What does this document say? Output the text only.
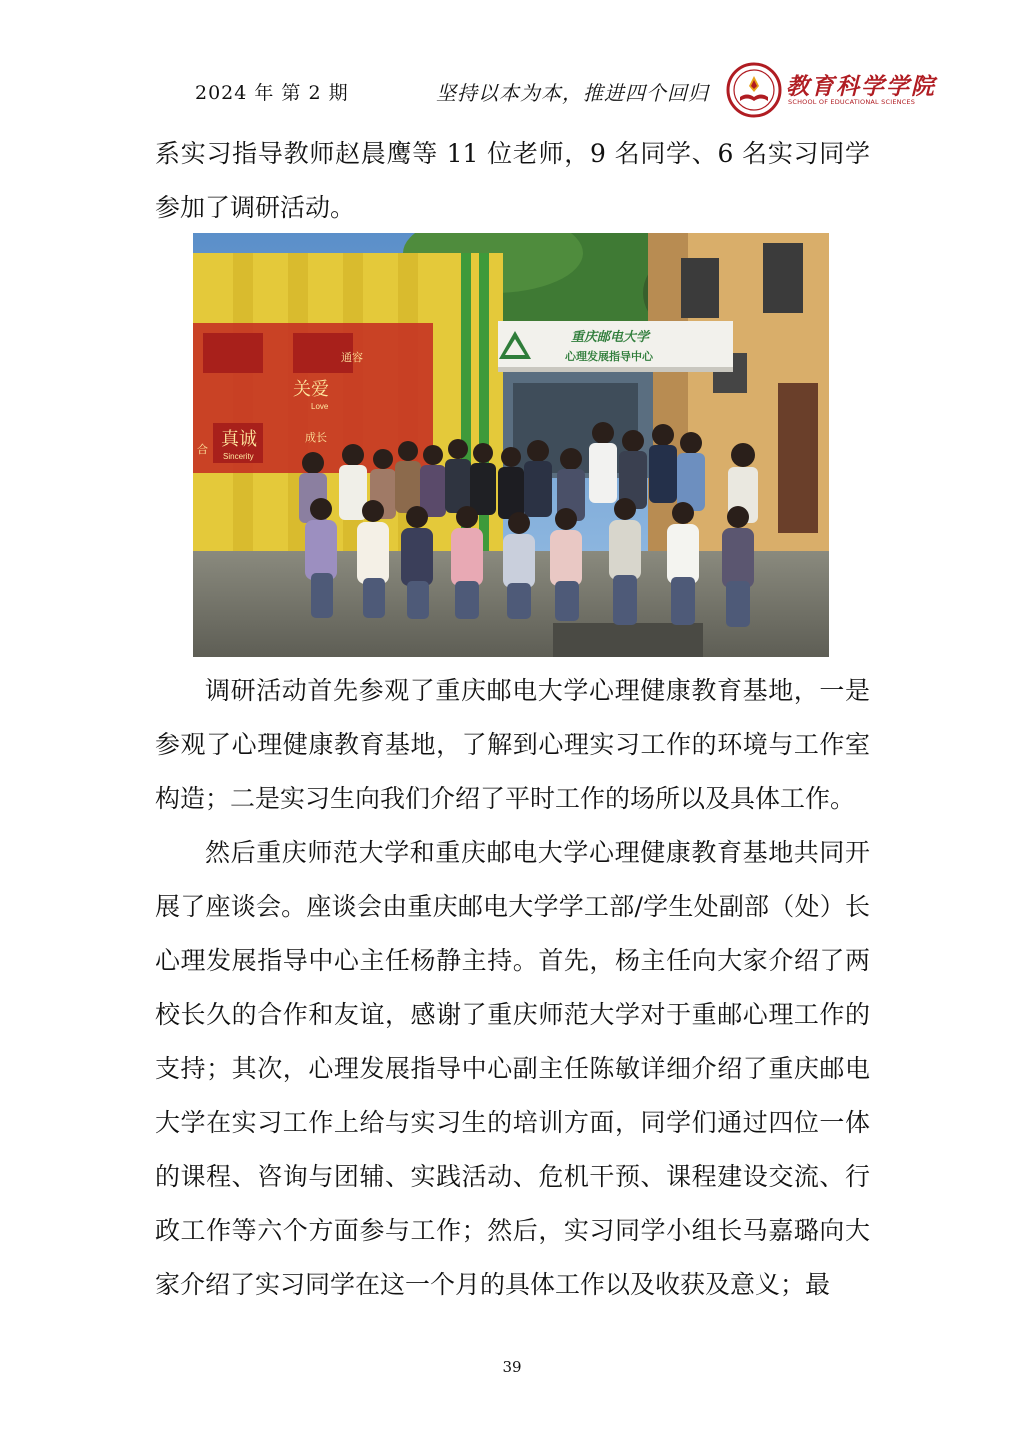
2024 年 第 2 期	坚持以本为本，推进四个回归	教育科学学院
SCHOOL OF EDUCATIONAL SCIENCES

系实习指导教师赵晨鹰等 11 位老师，9 名同学、6 名实习同学参加了调研活动。

关爱
Love
真诚
Sincerity
通容
成长
合
重庆邮电大学
心理发展指导中心

调研活动首先参观了重庆邮电大学心理健康教育基地，一是参观了心理健康教育基地，了解到心理实习工作的环境与工作室构造；二是实习生向我们介绍了平时工作的场所以及具体工作。

然后重庆师范大学和重庆邮电大学心理健康教育基地共同开展了座谈会。座谈会由重庆邮电大学学工部/学生处副部（处）长心理发展指导中心主任杨静主持。首先，杨主任向大家介绍了两校长久的合作和友谊，感谢了重庆师范大学对于重邮心理工作的支持；其次，心理发展指导中心副主任陈敏详细介绍了重庆邮电大学在实习工作上给与实习生的培训方面，同学们通过四位一体的课程、咨询与团辅、实践活动、危机干预、课程建设交流、行政工作等六个方面参与工作；然后，实习同学小组长马嘉璐向大家介绍了实习同学在这一个月的具体工作以及收获及意义；最

39
